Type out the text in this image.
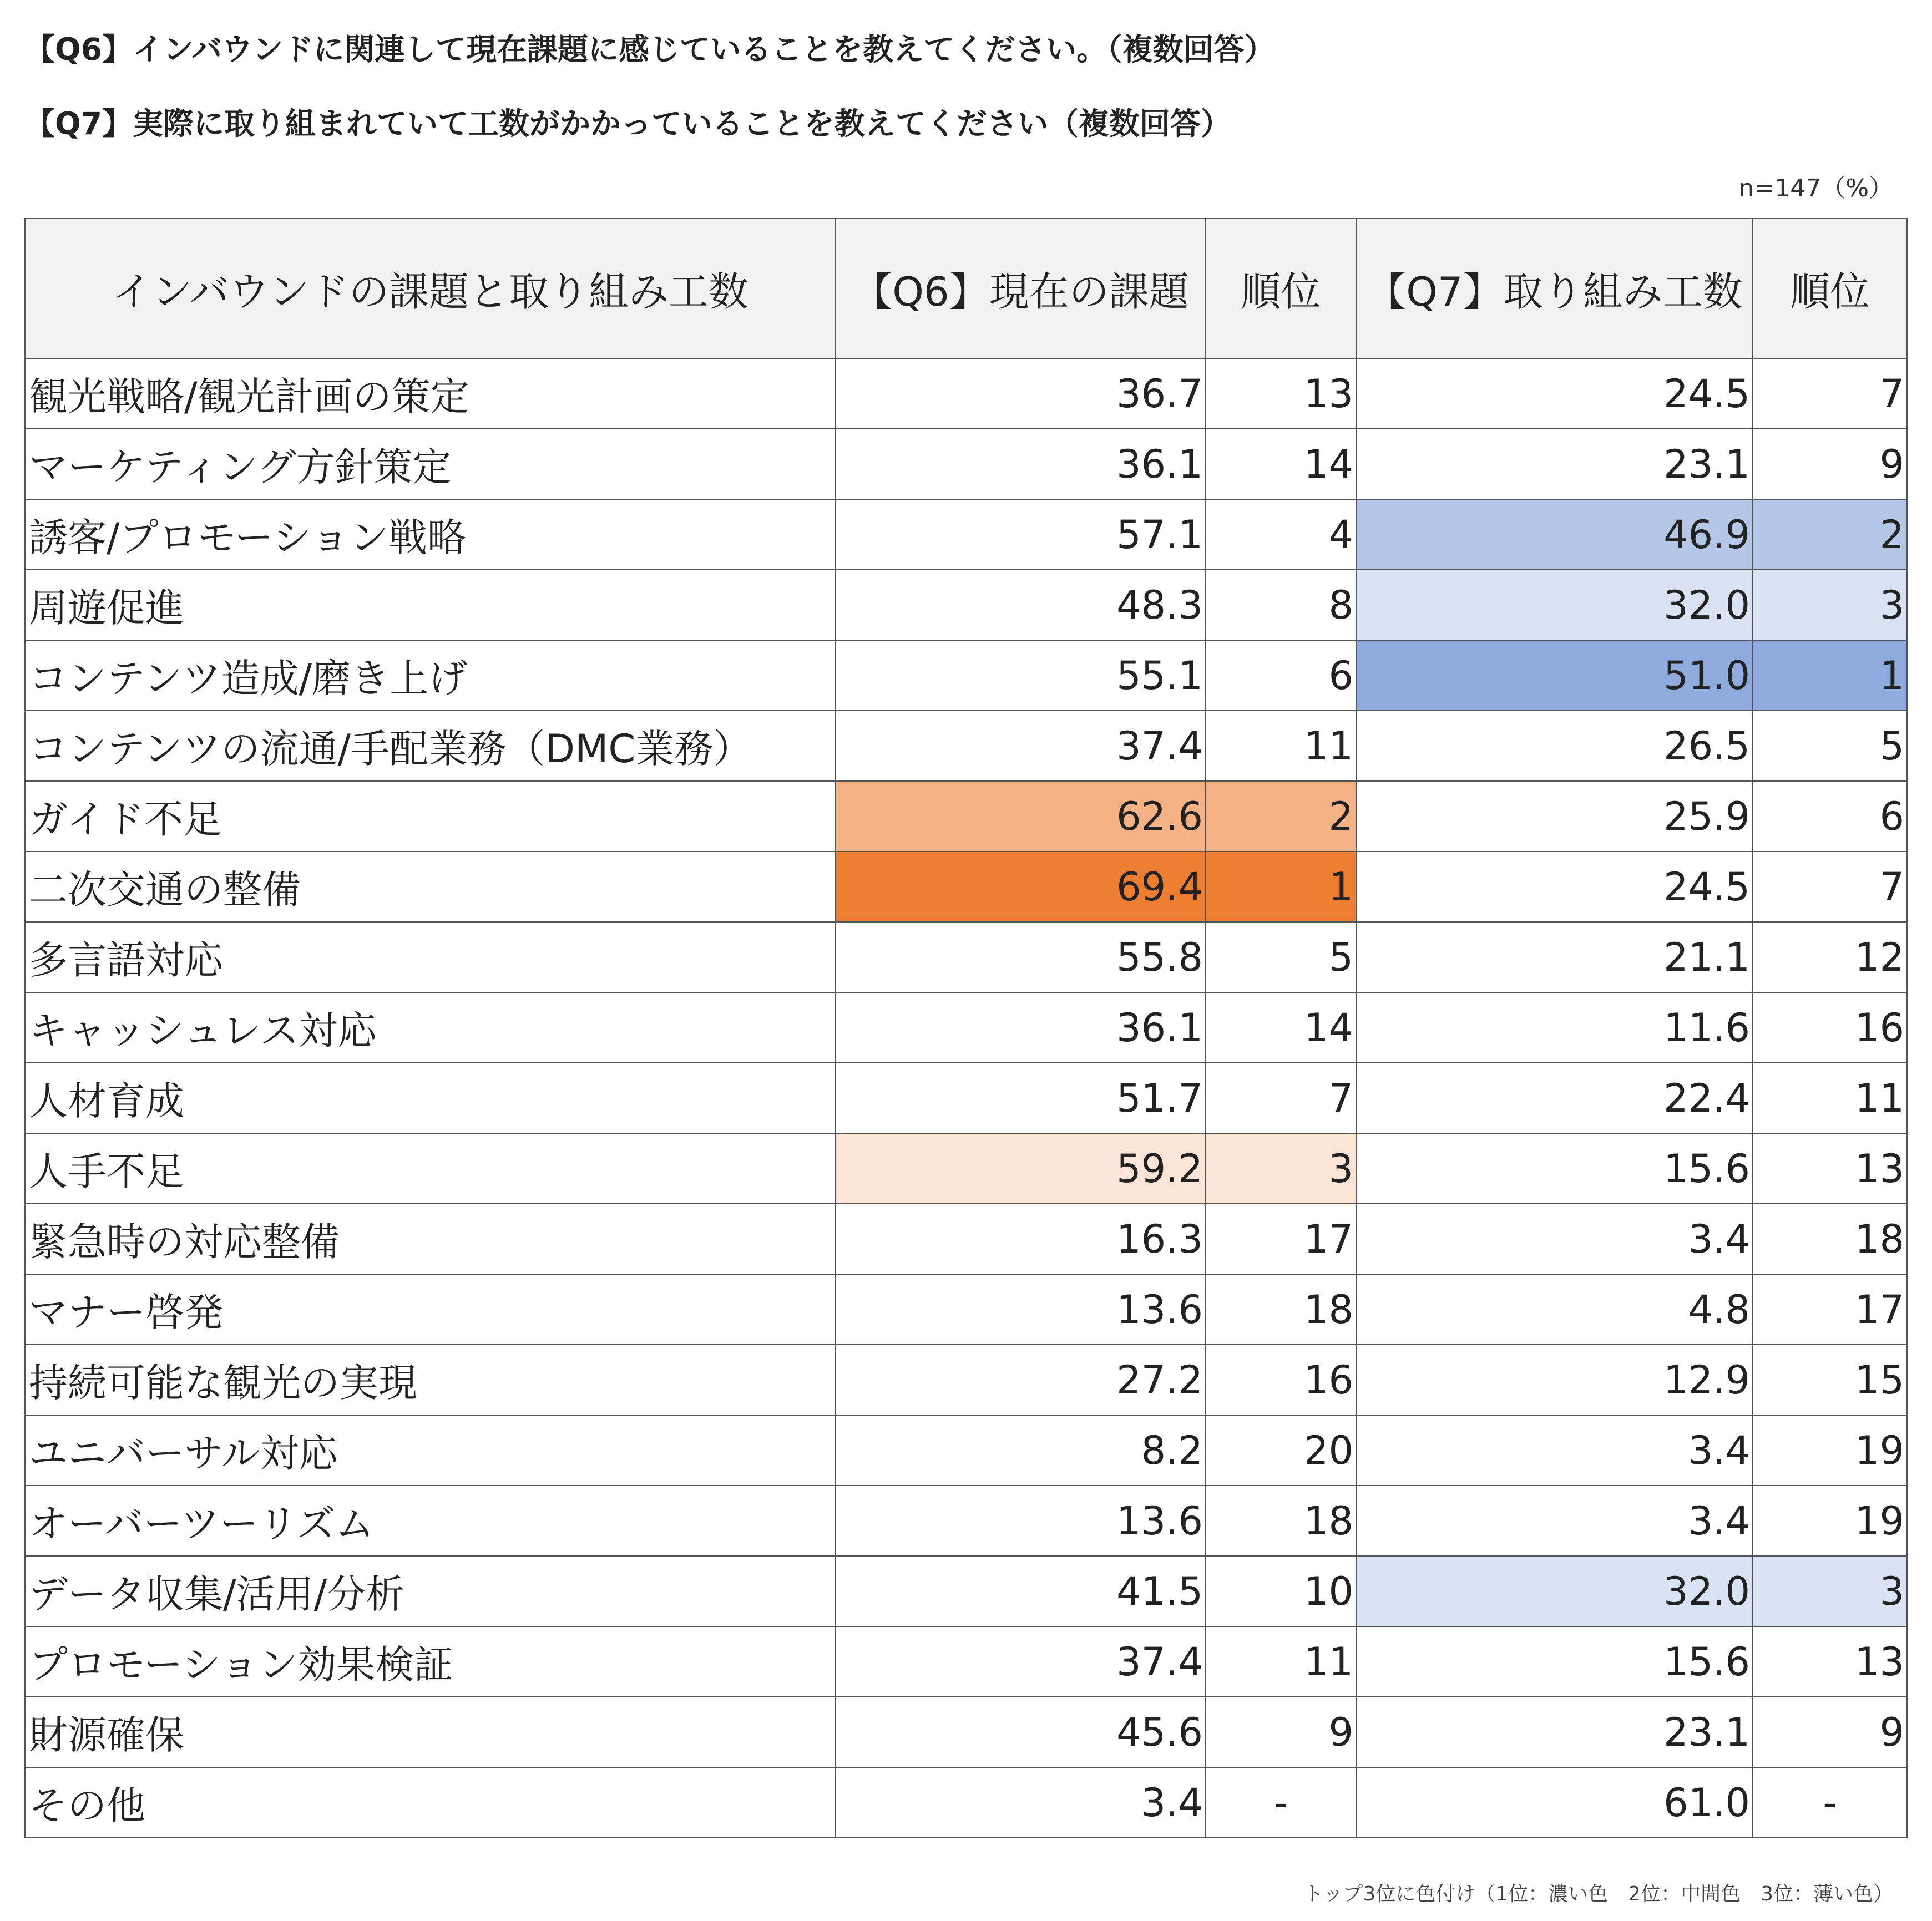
【Q6】インバウンドに関連して現在課題に感じていることを教えてください。（複数回答）
【Q7】実際に取り組まれていて工数がかかっていることを教えてください（複数回答）
n=147（%）
インバウンドの課題と取り組み工数	【Q6】現在の課題	順位	【Q7】取り組み工数	順位
観光戦略/観光計画の策定	36.7	13	24.5	7
マーケティング方針策定	36.1	14	23.1	9
誘客/プロモーション戦略	57.1	4	46.9	2
周遊促進	48.3	8	32.0	3
コンテンツ造成/磨き上げ	55.1	6	51.0	1
コンテンツの流通/手配業務（DMC業務）	37.4	11	26.5	5
ガイド不足	62.6	2	25.9	6
二次交通の整備	69.4	1	24.5	7
多言語対応	55.8	5	21.1	12
キャッシュレス対応	36.1	14	11.6	16
人材育成	51.7	7	22.4	11
人手不足	59.2	3	15.6	13
緊急時の対応整備	16.3	17	3.4	18
マナー啓発	13.6	18	4.8	17
持続可能な観光の実現	27.2	16	12.9	15
ユニバーサル対応	8.2	20	3.4	19
オーバーツーリズム	13.6	18	3.4	19
データ収集/活用/分析	41.5	10	32.0	3
プロモーション効果検証	37.4	11	15.6	13
財源確保	45.6	9	23.1	9
その他	3.4	-	61.0	-
トップ3位に色付け（1位：濃い色　2位：中間色　3位：薄い色）
